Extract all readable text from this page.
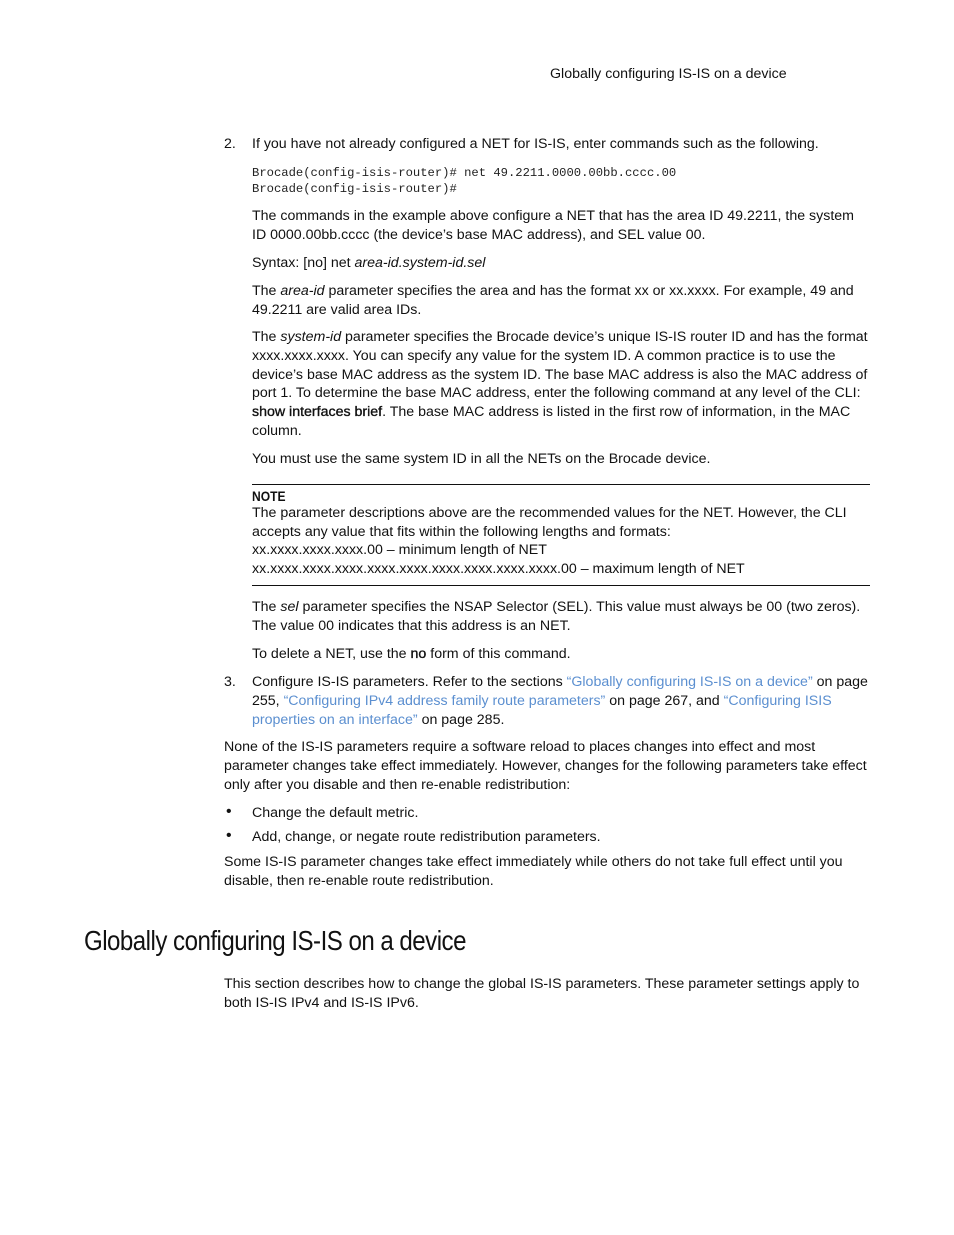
Globally configuring IS-IS on a device
2.	If you have not already configured a NET for IS-IS, enter commands such as the following.
Brocade(config-isis-router)# net 49.2211.0000.00bb.cccc.00
Brocade(config-isis-router)#
The commands in the example above configure a NET that has the area ID 49.2211, the system ID 0000.00bb.cccc (the device’s base MAC address), and SEL value 00.
Syntax: [no] net area-id.system-id.sel
The area-id parameter specifies the area and has the format xx or xx.xxxx. For example, 49 and 49.2211 are valid area IDs.
The system-id parameter specifies the Brocade device’s unique IS-IS router ID and has the format xxxx.xxxx.xxxx. You can specify any value for the system ID. A common practice is to use the device’s base MAC address as the system ID. The base MAC address is also the MAC address of port 1. To determine the base MAC address, enter the following command at any level of the CLI: show interfaces brief. The base MAC address is listed in the first row of information, in the MAC column.
You must use the same system ID in all the NETs on the Brocade device.
NOTE
The parameter descriptions above are the recommended values for the NET. However, the CLI accepts any value that fits within the following lengths and formats:
xx.xxxx.xxxx.xxxx.00 – minimum length of NET
xx.xxxx.xxxx.xxxx.xxxx.xxxx.xxxx.xxxx.xxxx.xxxx.00 – maximum length of NET
The sel parameter specifies the NSAP Selector (SEL). This value must always be 00 (two zeros). The value 00 indicates that this address is an NET.
To delete a NET, use the no form of this command.
3.	Configure IS-IS parameters. Refer to the sections “Globally configuring IS-IS on a device” on page 255, “Configuring IPv4 address family route parameters” on page 267, and “Configuring ISIS properties on an interface” on page 285.
None of the IS-IS parameters require a software reload to places changes into effect and most parameter changes take effect immediately. However, changes for the following parameters take effect only after you disable and then re-enable redistribution:
• Change the default metric.
• Add, change, or negate route redistribution parameters.
Some IS-IS parameter changes take effect immediately while others do not take full effect until you disable, then re-enable route redistribution.
Globally configuring IS-IS on a device
This section describes how to change the global IS-IS parameters. These parameter settings apply to both IS-IS IPv4 and IS-IS IPv6.
